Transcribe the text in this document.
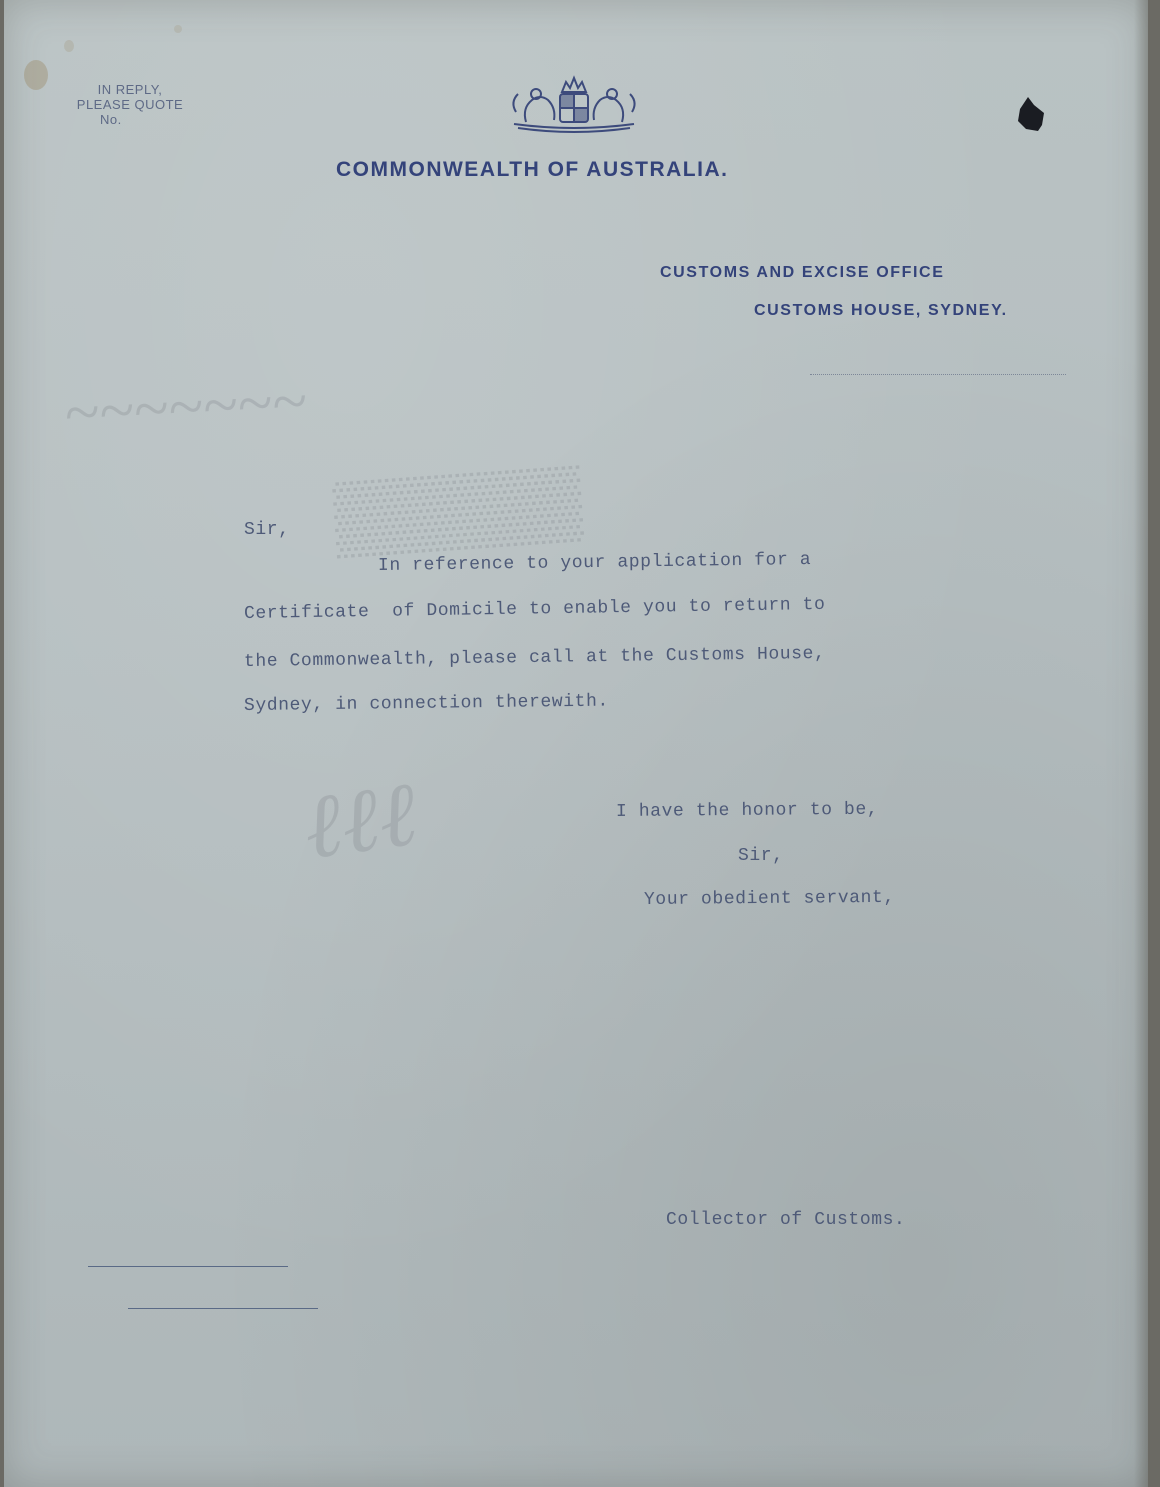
~~~~~~~
▒▒▒▒▒
ℓℓℓ
IN REPLY,
PLEASE QUOTE
No.
COMMONWEALTH OF AUSTRALIA.
CUSTOMS AND EXCISE OFFICE
CUSTOMS HOUSE, SYDNEY.
Sir,
In reference to your application for a
Certificate  of Domicile to enable you to return to
the Commonwealth, please call at the Customs House,
Sydney, in connection therewith.
I have the honor to be,
Sir,
Your obedient servant,
Collector of Customs.
